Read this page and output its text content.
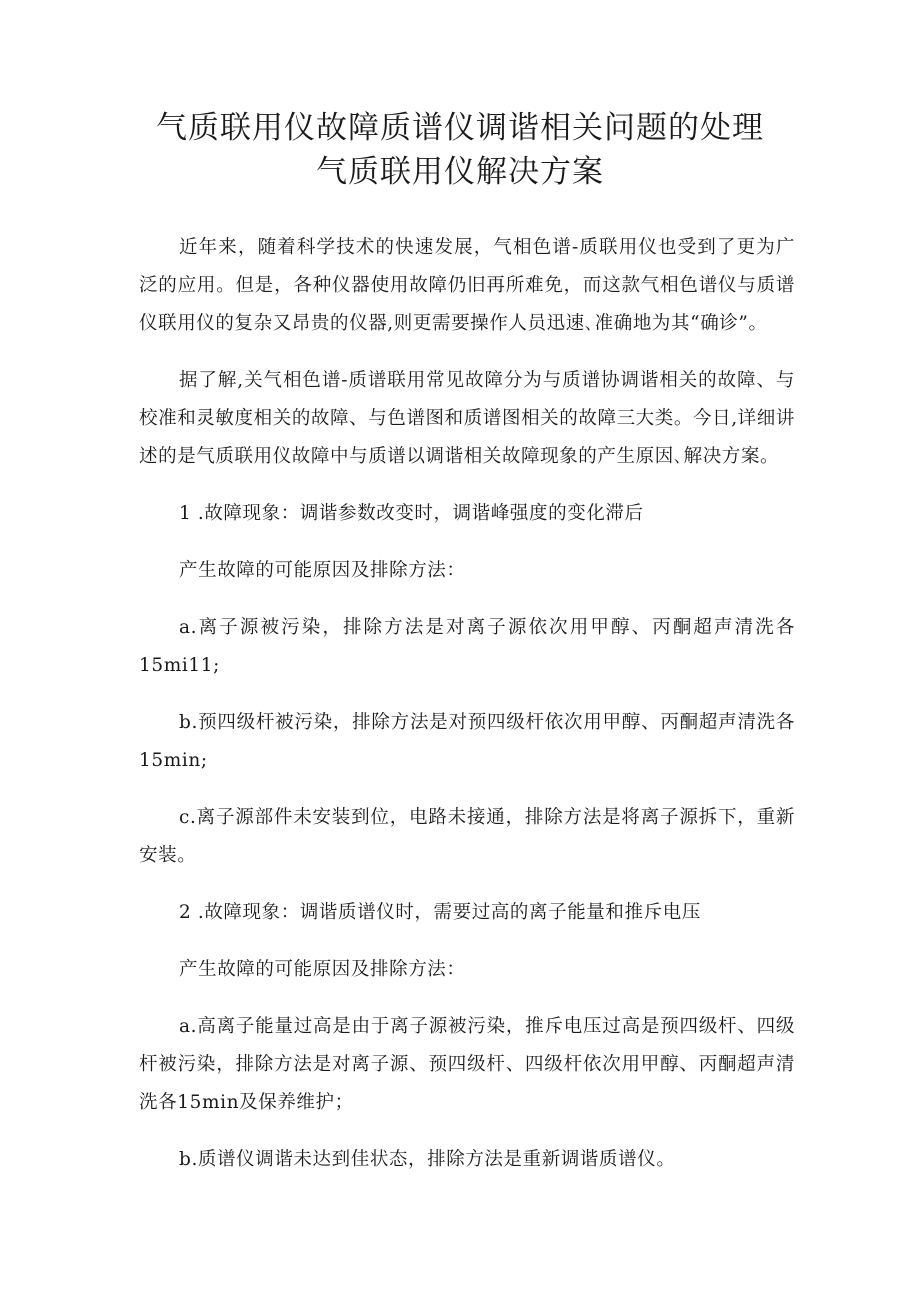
气质联用仪故障质谱仪调谐相关问题的处理
气质联用仪解决方案

近年来，随着科学技术的快速发展，气相色谱-质联用仪也受到了更为广泛的应用。但是，各种仪器使用故障仍旧再所难免，而这款气相色谱仪与质谱仪联用仪的复杂又昂贵的仪器,则更需要操作人员迅速､准确地为其“确诊”。

据了解,关气相色谱-质谱联用常见故障分为与质谱协调谐相关的故障、与校准和灵敏度相关的故障、与色谱图和质谱图相关的故障三大类。今日,详细讲述的是气质联用仪故障中与质谱以调谐相关故障现象的产生原因､解决方案。

1 .故障现象：调谐参数改变时，调谐峰强度的变化滞后

产生故障的可能原因及排除方法：

a.离子源被污染，排除方法是对离子源依次用甲醇、丙酮超声清洗各15mi11;

b.预四级杆被污染，排除方法是对预四级杆依次用甲醇、丙酮超声清洗各15min;

c.离子源部件未安装到位，电路未接通，排除方法是将离子源拆下，重新安装。

2 .故障现象：调谐质谱仪时，需要过高的离子能量和推斥电压

产生故障的可能原因及排除方法：

a.高离子能量过高是由于离子源被污染，推斥电压过高是预四级杆、四级杆被污染，排除方法是对离子源、预四级杆、四级杆依次用甲醇、丙酮超声清洗各15min及保养维护；

b.质谱仪调谐未达到佳状态，排除方法是重新调谐质谱仪。
